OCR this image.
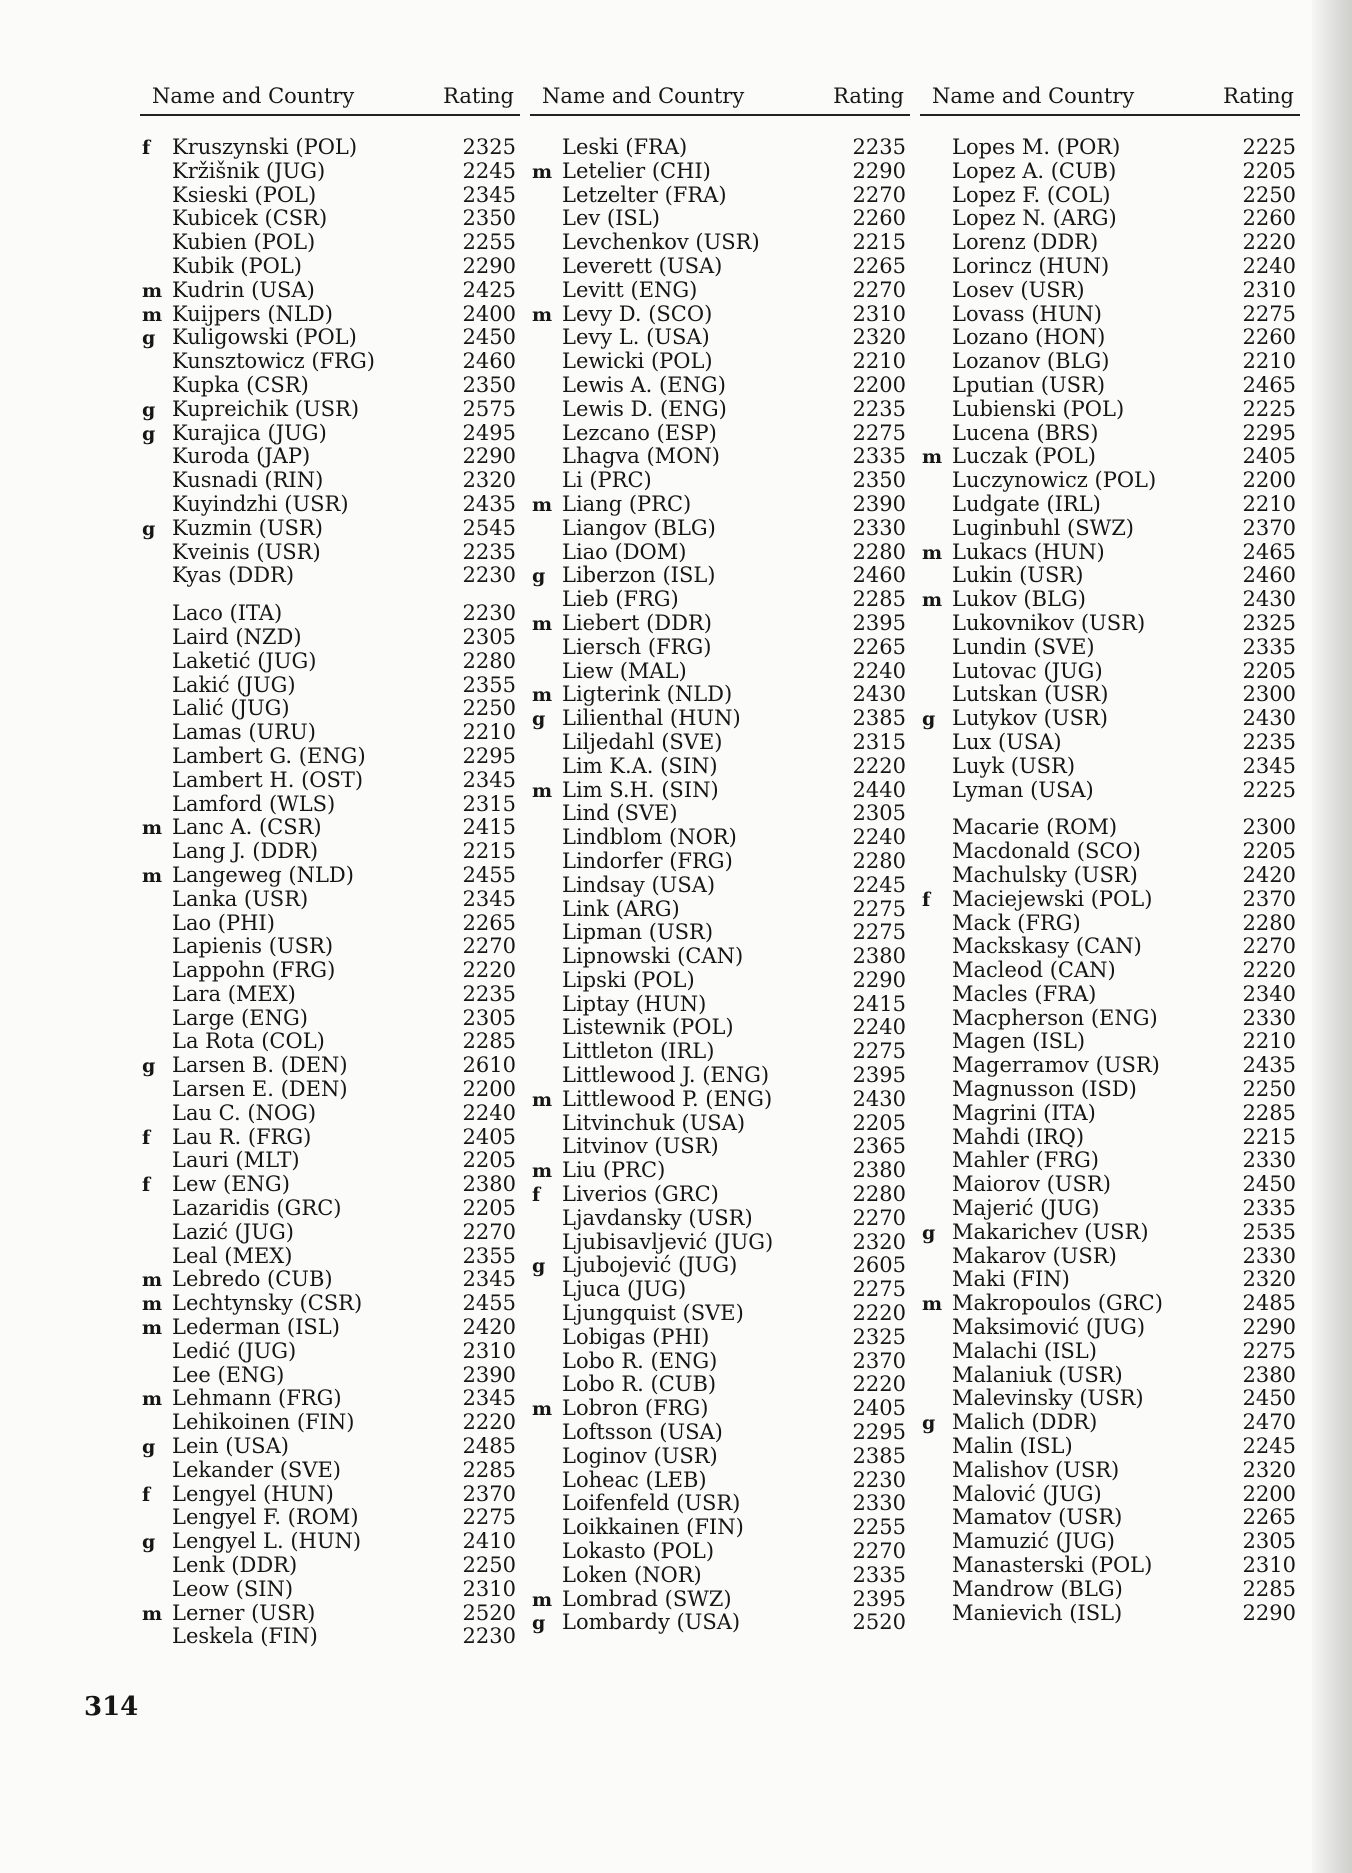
Name and Country	Rating
f	Kruszynski (POL)	2325
Kržišnik (JUG)	2245
Ksieski (POL)	2345
Kubicek (CSR)	2350
Kubien (POL)	2255
Kubik (POL)	2290
m Kudrin (USA)	2425
m Kuijpers (NLD)	2400
g Kuligowski (POL)	2450
Kunsztowicz (FRG)	2460
Kupka (CSR)	2350
g Kupreichik (USR)	2575
g Kurajica (JUG)	2495
Kuroda (JAP)	2290
Kusnadi (RIN)	2320
Kuyindzhi (USR)	2435
g Kuzmin (USR)	2545
Kveinis (USR)	2235
Kyas (DDR)	2230
Laco (ITA)	2230
Laird (NZD)	2305
Laketić (JUG)	2280
Lakić (JUG)	2355
Lalić (JUG)	2250
Lamas (URU)	2210
Lambert G. (ENG)	2295
Lambert H. (OST)	2345
Lamford (WLS)	2315
m Lanc A. (CSR)	2415
Lang J. (DDR)	2215
m Langeweg (NLD)	2455
Lanka (USR)	2345
Lao (PHI)	2265
Lapienis (USR)	2270
Lappohn (FRG)	2220
Lara (MEX)	2235
Large (ENG)	2305
La Rota (COL)	2285
g Larsen B. (DEN)	2610
Larsen E. (DEN)	2200
Lau C. (NOG)	2240
f	Lau R. (FRG)	2405
Lauri (MLT)	2205
f	Lew (ENG)	2380
Lazaridis (GRC)	2205
Lazić (JUG)	2270
Leal (MEX)	2355
m Lebredo (CUB)	2345
m Lechtynsky (CSR)	2455
m Lederman (ISL)	2420
Ledić (JUG)	2310
Lee (ENG)	2390
m Lehmann (FRG)	2345
Lehikoinen (FIN)	2220
g Lein (USA)	2485
Lekander (SVE)	2285
f	Lengyel (HUN)	2370
Lengyel F. (ROM)	2275
g Lengyel L. (HUN)	2410
Lenk (DDR)	2250
Leow (SIN)	2310
m Lerner (USR)	2520
Leskela (FIN)	2230
Name and Country	Rating
Leski (FRA)	2235
m Letelier (CHI)	2290
Letzelter (FRA)	2270
Lev (ISL)	2260
Levchenkov (USR)	2215
Leverett (USA)	2265
Levitt (ENG)	2270
m Levy D. (SCO)	2310
Levy L. (USA)	2320
Lewicki (POL)	2210
Lewis A. (ENG)	2200
Lewis D. (ENG)	2235
Lezcano (ESP)	2275
Lhagva (MON)	2335
Li (PRC)	2350
m Liang (PRC)	2390
Liangov (BLG)	2330
Liao (DOM)	2280
g Liberzon (ISL)	2460
Lieb (FRG)	2285
m Liebert (DDR)	2395
Liersch (FRG)	2265
Liew (MAL)	2240
m Ligterink (NLD)	2430
g Lilienthal (HUN)	2385
Liljedahl (SVE)	2315
Lim K.A. (SIN)	2220
m Lim S.H. (SIN)	2440
Lind (SVE)	2305
Lindblom (NOR)	2240
Lindorfer (FRG)	2280
Lindsay (USA)	2245
Link (ARG)	2275
Lipman (USR)	2275
Lipnowski (CAN)	2380
Lipski (POL)	2290
Liptay (HUN)	2415
Listewnik (POL)	2240
Littleton (IRL)	2275
Littlewood J. (ENG)	2395
m Littlewood P. (ENG)	2430
Litvinchuk (USA)	2205
Litvinov (USR)	2365
m Liu (PRC)	2380
f	Liverios (GRC)	2280
Ljavdansky (USR)	2270
Ljubisavljević (JUG)	2320
g Ljubojević (JUG)	2605
Ljuca (JUG)	2275
Ljungquist (SVE)	2220
Lobigas (PHI)	2325
Lobo R. (ENG)	2370
Lobo R. (CUB)	2220
m Lobron (FRG)	2405
Loftsson (USA)	2295
Loginov (USR)	2385
Loheac (LEB)	2230
Loifenfeld (USR)	2330
Loikkainen (FIN)	2255
Lokasto (POL)	2270
Loken (NOR)	2335
m Lombrad (SWZ)	2395
g Lombardy (USA)	2520
Name and Country	Rating
Lopes M. (POR)	2225
Lopez A. (CUB)	2205
Lopez F. (COL)	2250
Lopez N. (ARG)	2260
Lorenz (DDR)	2220
Lorincz (HUN)	2240
Losev (USR)	2310
Lovass (HUN)	2275
Lozano (HON)	2260
Lozanov (BLG)	2210
Lputian (USR)	2465
Lubienski (POL)	2225
Lucena (BRS)	2295
m Luczak (POL)	2405
Luczynowicz (POL)	2200
Ludgate (IRL)	2210
Luginbuhl (SWZ)	2370
m Lukacs (HUN)	2465
Lukin (USR)	2460
m Lukov (BLG)	2430
Lukovnikov (USR)	2325
Lundin (SVE)	2335
Lutovac (JUG)	2205
Lutskan (USR)	2300
g Lutykov (USR)	2430
Lux (USA)	2235
Luyk (USR)	2345
Lyman (USA)	2225
Macarie (ROM)	2300
Macdonald (SCO)	2205
Machulsky (USR)	2420
f	Maciejewski (POL)	2370
Mack (FRG)	2280
Mackskasy (CAN)	2270
Macleod (CAN)	2220
Macles (FRA)	2340
Macpherson (ENG)	2330
Magen (ISL)	2210
Magerramov (USR)	2435
Magnusson (ISD)	2250
Magrini (ITA)	2285
Mahdi (IRQ)	2215
Mahler (FRG)	2330
Maiorov (USR)	2450
Majerić (JUG)	2335
g Makarichev (USR)	2535
Makarov (USR)	2330
Maki (FIN)	2320
m Makropoulos (GRC)	2485
Maksimović (JUG)	2290
Malachi (ISL)	2275
Malaniuk (USR)	2380
Malevinsky (USR)	2450
g Malich (DDR)	2470
Malin (ISL)	2245
Malishov (USR)	2320
Malović (JUG)	2200
Mamatov (USR)	2265
Mamuzić (JUG)	2305
Manasterski (POL)	2310
Mandrow (BLG)	2285
Manievich (ISL)	2290
314
